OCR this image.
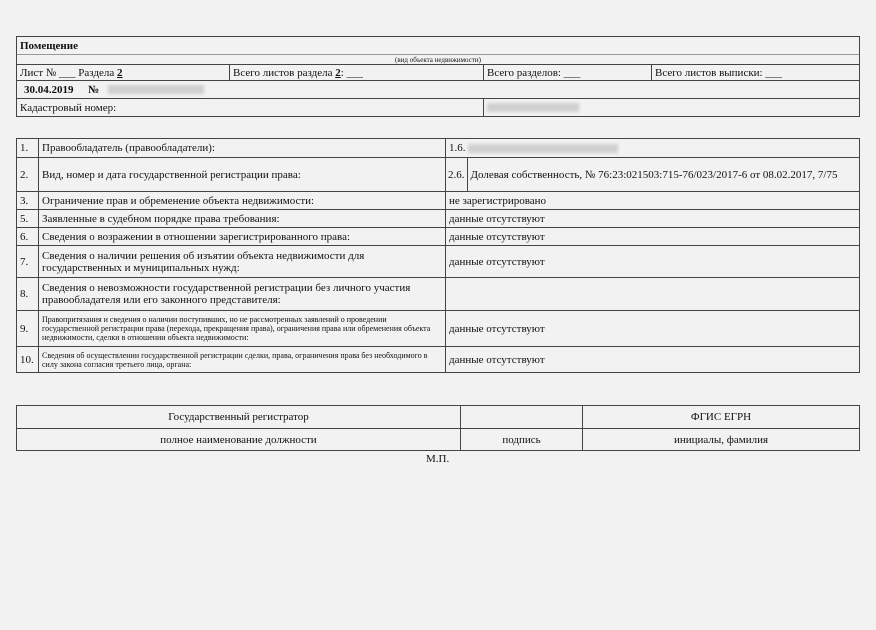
Помещение			
(вид объекта недвижимости)			
Лист № ___ Раздела 2	Всего листов раздела 2: ___	Всего разделов: ___	Всего листов выписки: ___
30.04.2019 №			
Кадастровый номер:			
1.	Правообладатель (правообладатели):	1.6.	
2.	Вид, номер и дата государственной регистрации права:	2.6.	Долевая собственность, № 76:23:021503:715-76/023/2017-6 от 08.02.2017, 7/75
3.	Ограничение прав и обременение объекта недвижимости:	не зарегистрировано	
5.	Заявленные в судебном порядке права требования:	данные отсутствуют	
6.	Сведения о возражении в отношении зарегистрированного права:	данные отсутствуют	
7.	Сведения о наличии решения об изъятии объекта недвижимости для государственных и муниципальных нужд:	данные отсутствуют	
8.	Сведения о невозможности государственной регистрации без личного участия правообладателя или его законного представителя:		
9.	Правопритязания и сведения о наличии поступивших, но не рассмотренных заявлений о проведении государственной регистрации права (перехода, прекращения права), ограничения права или обременения объекта недвижимости, сделки в отношении объекта недвижимости:	данные отсутствуют	
10.	Сведения об осуществлении государственной регистрации сделки, права, ограничения права без необходимого в силу закона согласия третьего лица, органа:	данные отсутствуют	
Государственный регистратор		ФГИС ЕГРН
полное наименование должности	подпись	инициалы, фамилия
М.П.
